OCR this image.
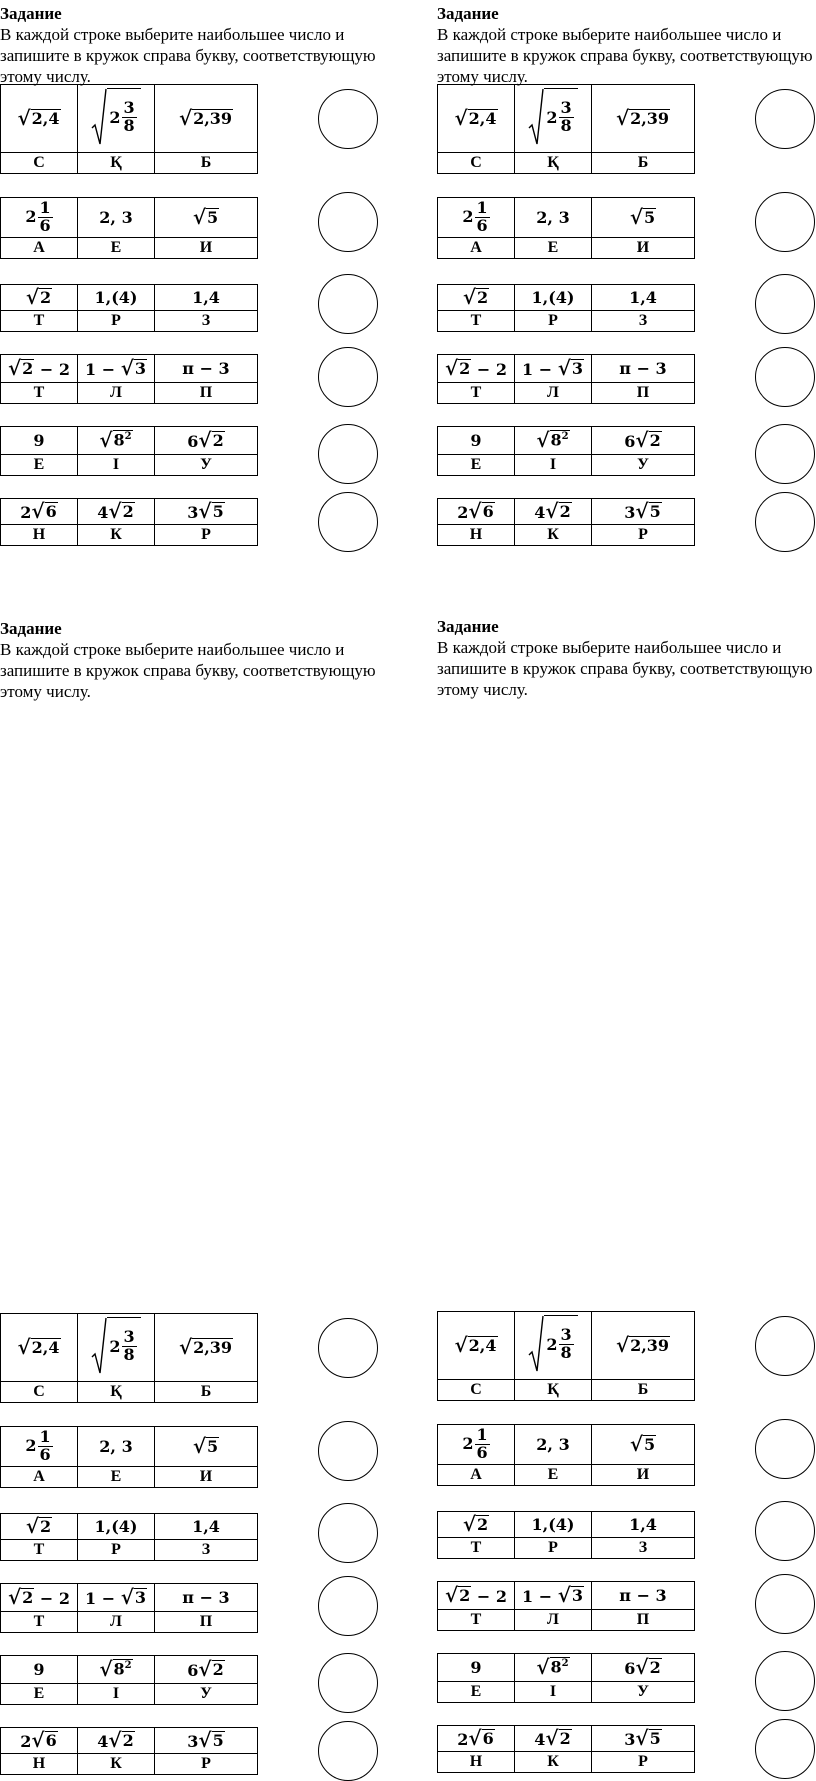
Задание
В каждой строке выберите наибольшее число и запишите в кружок справа букву, соответствующую этому числу.
√ 2,4	$2 \frac{3}{8}$	√ 2,39

С	Қ	Б
$2 \frac{1}{6}$	2, 3	√ 5

А	Е	И
√ 2	1,(4)	1,4
Т	Р	З
√ 2 − 2	1 − √ 3	π − 3
Т	Л	П
9	√ $8^2$	6 √ 2

Е	І	У
2 √ 6	4 √ 2	3 √ 5

Н	К	Р
Задание
В каждой строке выберите наибольшее число и запишите в кружок справа букву, соответствующую этому числу.
√ 2,4	$2 \frac{3}{8}$	√ 2,39

С	Қ	Б
$2 \frac{1}{6}$	2, 3	√ 5

А	Е	И
√ 2	1,(4)	1,4
Т	Р	З
√ 2 − 2	1 − √ 3	π − 3
Т	Л	П
9	√ $8^2$	6 √ 2

Е	І	У
2 √ 6	4 √ 2	3 √ 5

Н	К	Р
Задание
В каждой строке выберите наибольшее число и запишите в кружок справа букву, соответствующую этому числу.
√ 2,4	$2 \frac{3}{8}$	√ 2,39

С	Қ	Б
$2 \frac{1}{6}$	2, 3	√ 5

А	Е	И
√ 2	1,(4)	1,4
Т	Р	З
√ 2 − 2	1 − √ 3	π − 3
Т	Л	П
9	√ $8^2$	6 √ 2

Е	І	У
2 √ 6	4 √ 2	3 √ 5

Н	К	Р
Задание
В каждой строке выберите наибольшее число и запишите в кружок справа букву, соответствующую этому числу.
√ 2,4	$2 \frac{3}{8}$	√ 2,39

С	Қ	Б
$2 \frac{1}{6}$	2, 3	√ 5

А	Е	И
√ 2	1,(4)	1,4
Т	Р	З
√ 2 − 2	1 − √ 3	π − 3
Т	Л	П
9	√ $8^2$	6 √ 2

Е	І	У
2 √ 6	4 √ 2	3 √ 5

Н	К	Р
